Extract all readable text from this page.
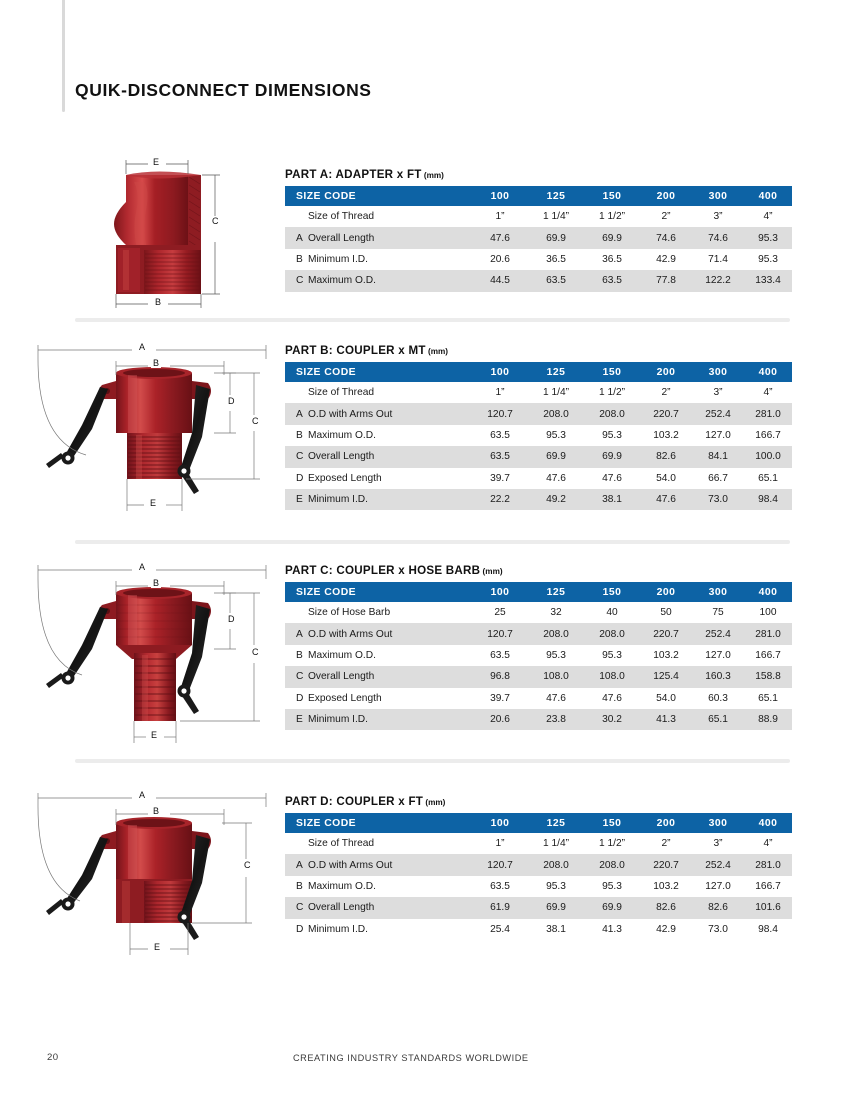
QUIK-DISCONNECT DIMENSIONS
E
C
B
A
B
D
C
E
A
B
D
C
E
A
B
C
E
PART A: ADAPTER x FT (mm)
SIZE CODE	100	125	150	200	300	400
Size of Thread	1”	1 1/4”	1 1/2”	2”	3”	4”
A Overall Length	47.6	69.9	69.9	74.6	74.6	95.3
B Minimum I.D.	20.6	36.5	36.5	42.9	71.4	95.3
C Maximum O.D.	44.5	63.5	63.5	77.8	122.2	133.4
PART B: COUPLER x MT (mm)
SIZE CODE	100	125	150	200	300	400
Size of Thread	1”	1 1/4”	1 1/2”	2”	3”	4”
A O.D with Arms Out	120.7	208.0	208.0	220.7	252.4	281.0
B Maximum O.D.	63.5	95.3	95.3	103.2	127.0	166.7
C Overall Length	63.5	69.9	69.9	82.6	84.1	100.0
D Exposed Length	39.7	47.6	47.6	54.0	66.7	65.1
E Minimum I.D.	22.2	49.2	38.1	47.6	73.0	98.4
PART C: COUPLER x HOSE BARB (mm)
SIZE CODE	100	125	150	200	300	400
Size of Hose Barb	25	32	40	50	75	100
A O.D with Arms Out	120.7	208.0	208.0	220.7	252.4	281.0
B Maximum O.D.	63.5	95.3	95.3	103.2	127.0	166.7
C Overall Length	96.8	108.0	108.0	125.4	160.3	158.8
D Exposed Length	39.7	47.6	47.6	54.0	60.3	65.1
E Minimum I.D.	20.6	23.8	30.2	41.3	65.1	88.9
PART D: COUPLER x FT (mm)
SIZE CODE	100	125	150	200	300	400
Size of Thread	1”	1 1/4”	1 1/2”	2”	3”	4”
A O.D with Arms Out	120.7	208.0	208.0	220.7	252.4	281.0
B Maximum O.D.	63.5	95.3	95.3	103.2	127.0	166.7
C Overall Length	61.9	69.9	69.9	82.6	82.6	101.6
D Minimum I.D.	25.4	38.1	41.3	42.9	73.0	98.4
20	CREATING INDUSTRY STANDARDS WORLDWIDE
